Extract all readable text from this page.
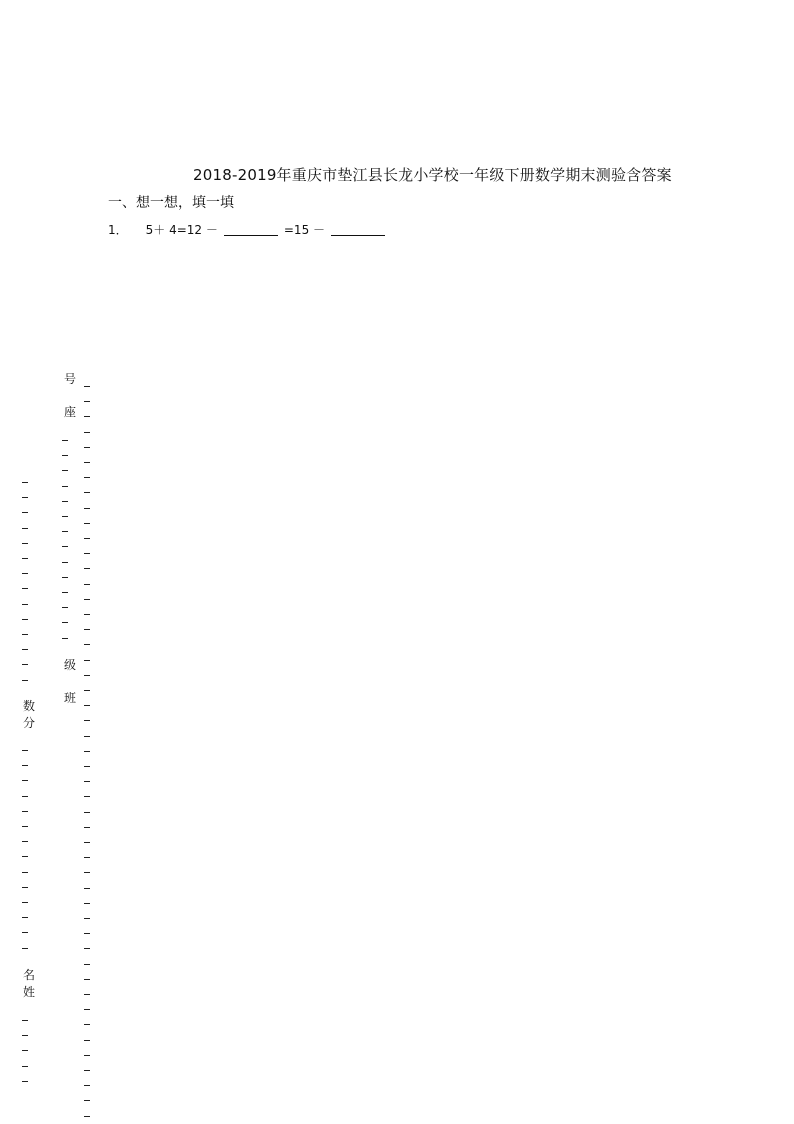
2018-2019年重庆市垫江县长龙小学校一年级下册数学期末测验含答案
一、想一想，填一填
1． 5＋ 4=12 －	=15 －
号
座
级
班
数
分
名
姓
